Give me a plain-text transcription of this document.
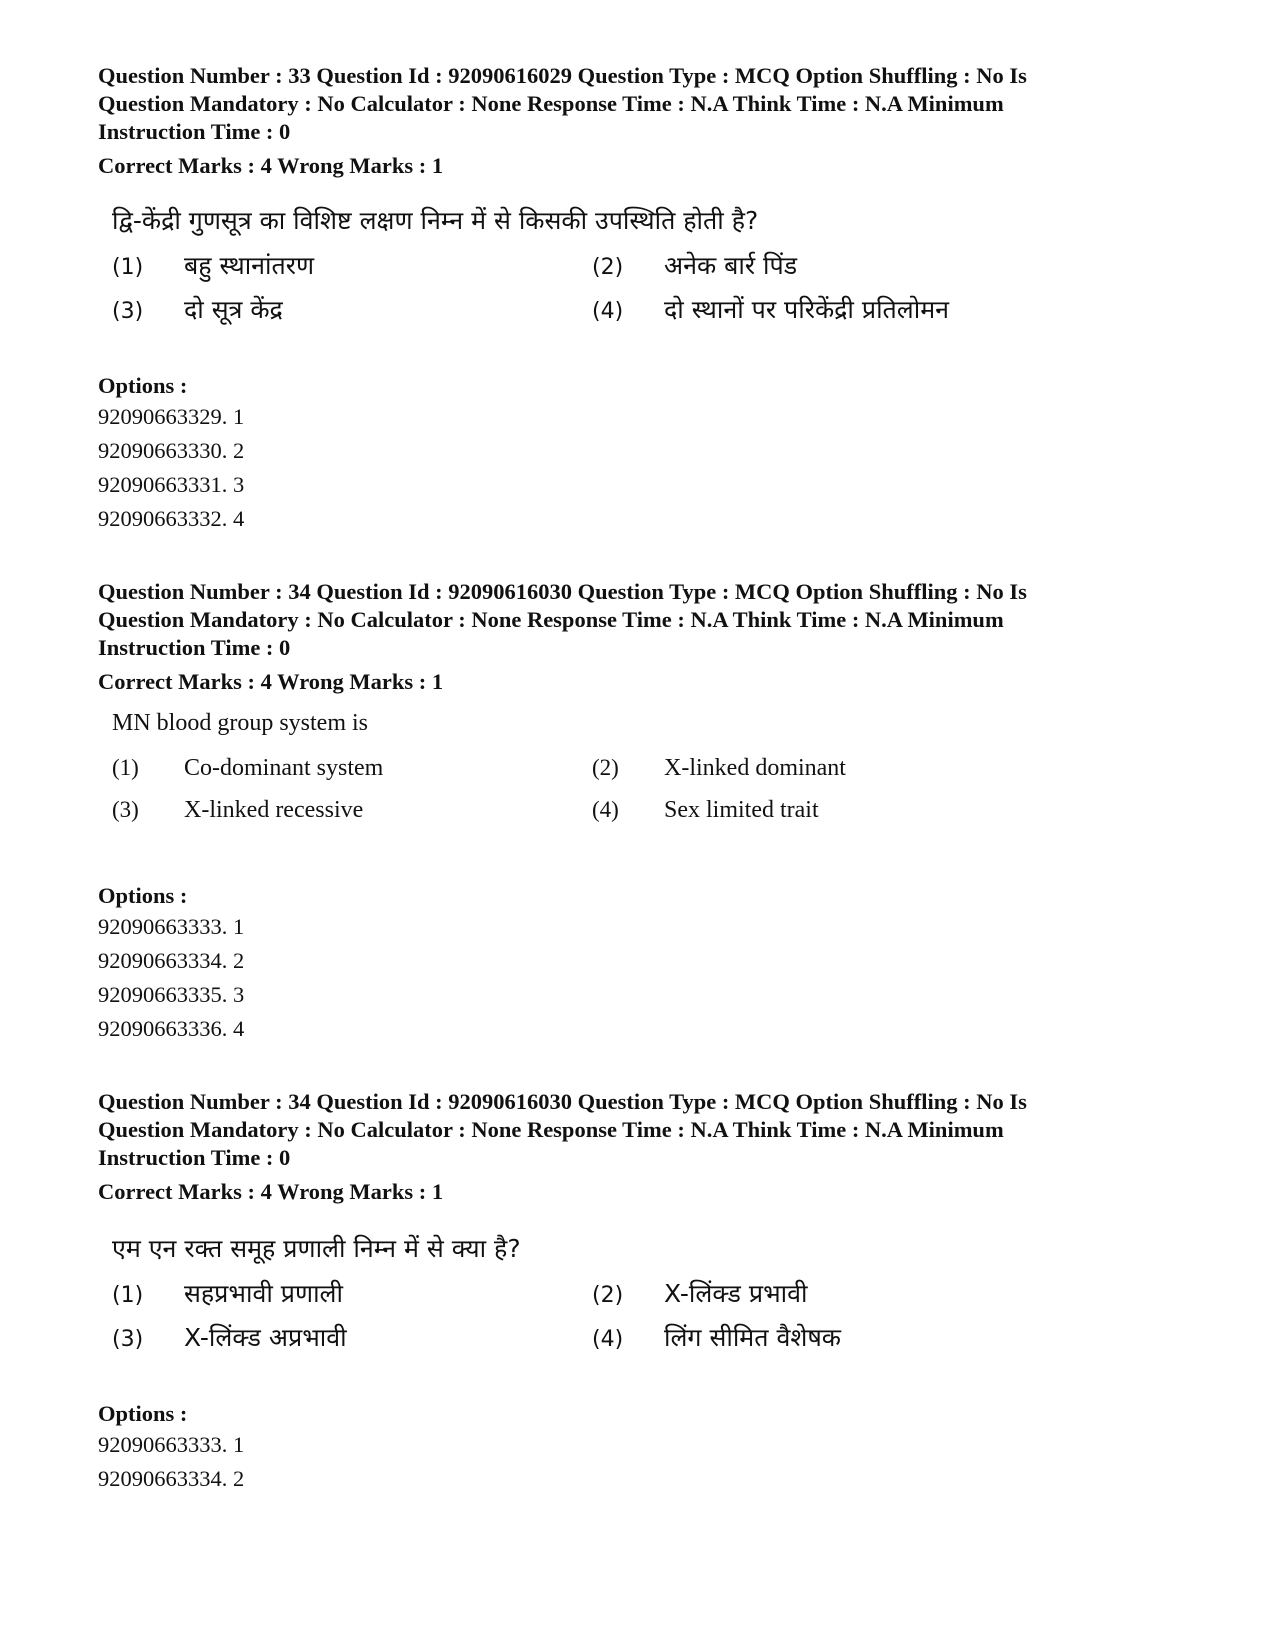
Question Number : 33 Question Id : 92090616029 Question Type : MCQ Option Shuffling : No Is
Question Mandatory : No Calculator : None Response Time : N.A Think Time : N.A Minimum
Instruction Time : 0

Correct Marks : 4 Wrong Marks : 1

द्वि-केंद्री गुणसूत्र का विशिष्ट लक्षण निम्न में से किसकी उपस्थिति होती है?

(1)	बहु स्थानांतरण	(2)	अनेक बार्र पिंड
(3)	दो सूत्र केंद्र	(4)	दो स्थानों पर परिकेंद्री प्रतिलोमन
Options :
92090663329. 1
92090663330. 2
92090663331. 3
92090663332. 4

Question Number : 34 Question Id : 92090616030 Question Type : MCQ Option Shuffling : No Is
Question Mandatory : No Calculator : None Response Time : N.A Think Time : N.A Minimum
Instruction Time : 0

Correct Marks : 4 Wrong Marks : 1

MN blood group system is

(1)	Co-dominant system	(2)	X-linked dominant
(3)	X-linked recessive	(4)	Sex limited trait
Options :
92090663333. 1
92090663334. 2
92090663335. 3
92090663336. 4

Question Number : 34 Question Id : 92090616030 Question Type : MCQ Option Shuffling : No Is
Question Mandatory : No Calculator : None Response Time : N.A Think Time : N.A Minimum
Instruction Time : 0

Correct Marks : 4 Wrong Marks : 1

एम एन रक्त समूह प्रणाली निम्न में से क्या है?

(1)	सहप्रभावी प्रणाली	(2)	X-लिंक्ड प्रभावी
(3)	X-लिंक्ड अप्रभावी	(4)	लिंग सीमित वैशेषक
Options :
92090663333. 1
92090663334. 2
